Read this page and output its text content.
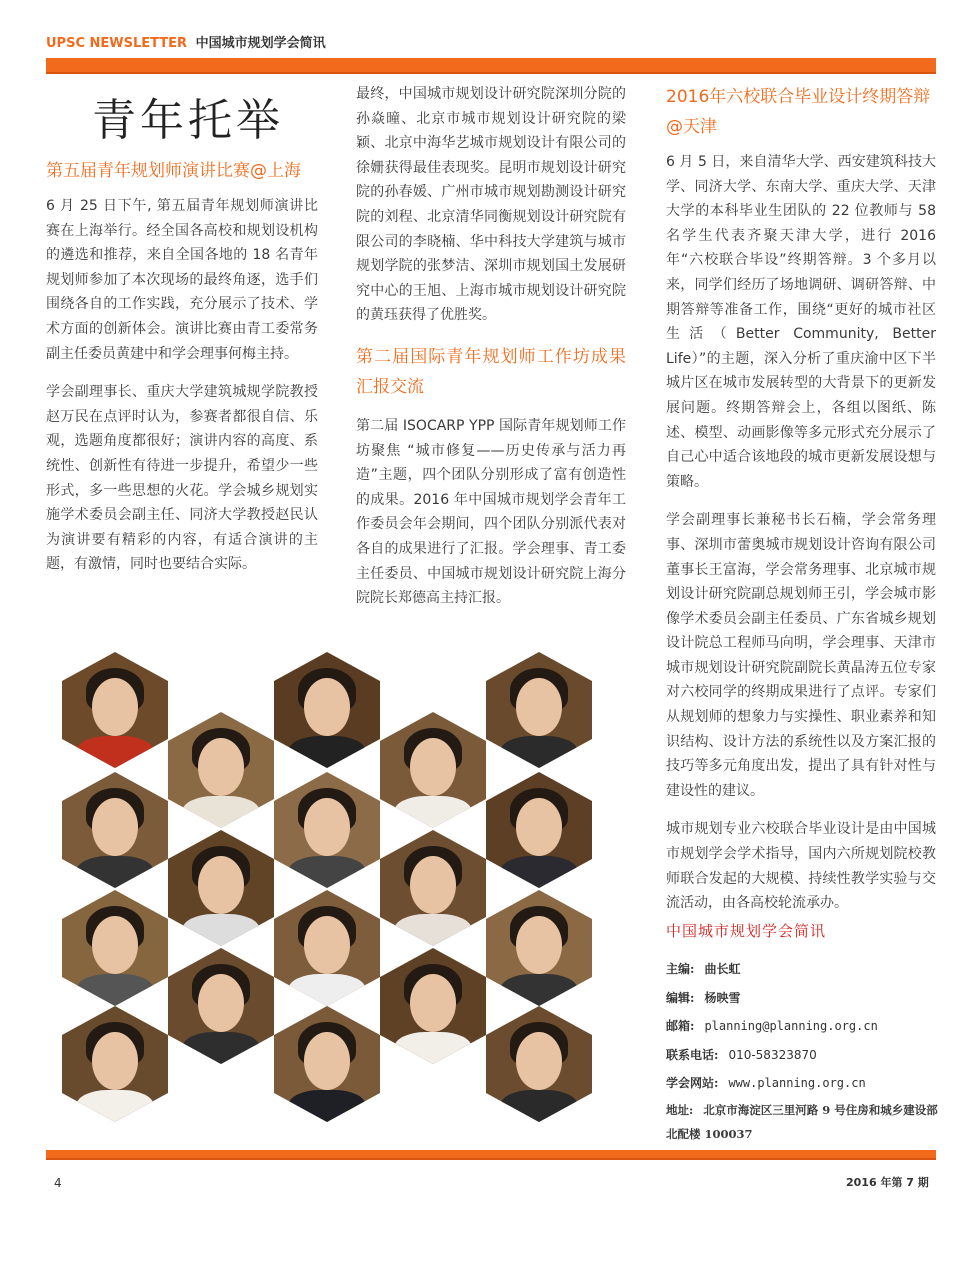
UPSC NEWSLETTER 中国城市规划学会简讯
青年托举
第五届青年规划师演讲比赛@上海

6 月 25 日下午, 第五届青年规划师演讲比赛在上海举行。经全国各高校和规划设机构的遴选和推荐，来自全国各地的 18 名青年规划师参加了本次现场的最终角逐，选手们围绕各自的工作实践，充分展示了技术、学术方面的创新体会。演讲比赛由青工委常务副主任委员黄建中和学会理事何梅主持。

学会副理事长、重庆大学建筑城规学院教授赵万民在点评时认为，参赛者都很自信、乐观，选题角度都很好；演讲内容的高度、系统性、创新性有待进一步提升，希望少一些形式，多一些思想的火花。学会城乡规划实施学术委员会副主任、同济大学教授赵民认为演讲要有精彩的内容，有适合演讲的主题，有激情，同时也要结合实际。

最终，中国城市规划设计研究院深圳分院的孙焱曈、北京市城市规划设计研究院的梁颖、北京中海华艺城市规划设计有限公司的徐姗获得最佳表现奖。昆明市规划设计研究院的孙春媛、广州市城市规划勘测设计研究院的刘程、北京清华同衡规划设计研究院有限公司的李晓楠、华中科技大学建筑与城市规划学院的张梦洁、深圳市规划国土发展研究中心的王旭、上海市城市规划设计研究院的黄珏获得了优胜奖。

第二届国际青年规划师工作坊成果汇报交流

第二届 ISOCARP YPP 国际青年规划师工作坊聚焦 “城市修复——历史传承与活力再造”主题，四个团队分别形成了富有创造性的成果。2016 年中国城市规划学会青年工作委员会年会期间，四个团队分别派代表对各自的成果进行了汇报。学会理事、青工委主任委员、中国城市规划设计研究院上海分院院长郑德高主持汇报。

2016年六校联合毕业设计终期答辩@天津

6 月 5 日，来自清华大学、西安建筑科技大学、同济大学、东南大学、重庆大学、天津大学的本科毕业生团队的 22 位教师与 58 名学生代表齐聚天津大学，进行 2016 年“六校联合毕设”终期答辩。3 个多月以来，同学们经历了场地调研、调研答辩、中期答辩等准备工作，围绕“更好的城市社区生活（Better Community, Better Life）”的主题，深入分析了重庆渝中区下半城片区在城市发展转型的大背景下的更新发展问题。终期答辩会上，各组以图纸、陈述、模型、动画影像等多元形式充分展示了自己心中适合该地段的城市更新发展设想与策略。

学会副理事长兼秘书长石楠，学会常务理事、深圳市蕾奥城市规划设计咨询有限公司董事长王富海，学会常务理事、北京城市规划设计研究院副总规划师王引，学会城市影像学术委员会副主任委员、广东省城乡规划设计院总工程师马向明，学会理事、天津市城市规划设计研究院副院长黄晶涛五位专家对六校同学的终期成果进行了点评。专家们从规划师的想象力与实操性、职业素养和知识结构、设计方法的系统性以及方案汇报的技巧等多元角度出发，提出了具有针对性与建设性的建议。

城市规划专业六校联合毕业设计是由中国城市规划学会学术指导，国内六所规划院校教师联合发起的大规模、持续性教学实验与交流活动，由各高校轮流承办。

中国城市规划学会简讯
主编: 曲长虹
编辑: 杨映雪
邮箱: planning@planning.org.cn
联系电话: 010-58323870
学会网站: www.planning.org.cn
地址: 北京市海淀区三里河路 9 号住房和城乡建设部北配楼 100037
4	2016 年第 7 期
